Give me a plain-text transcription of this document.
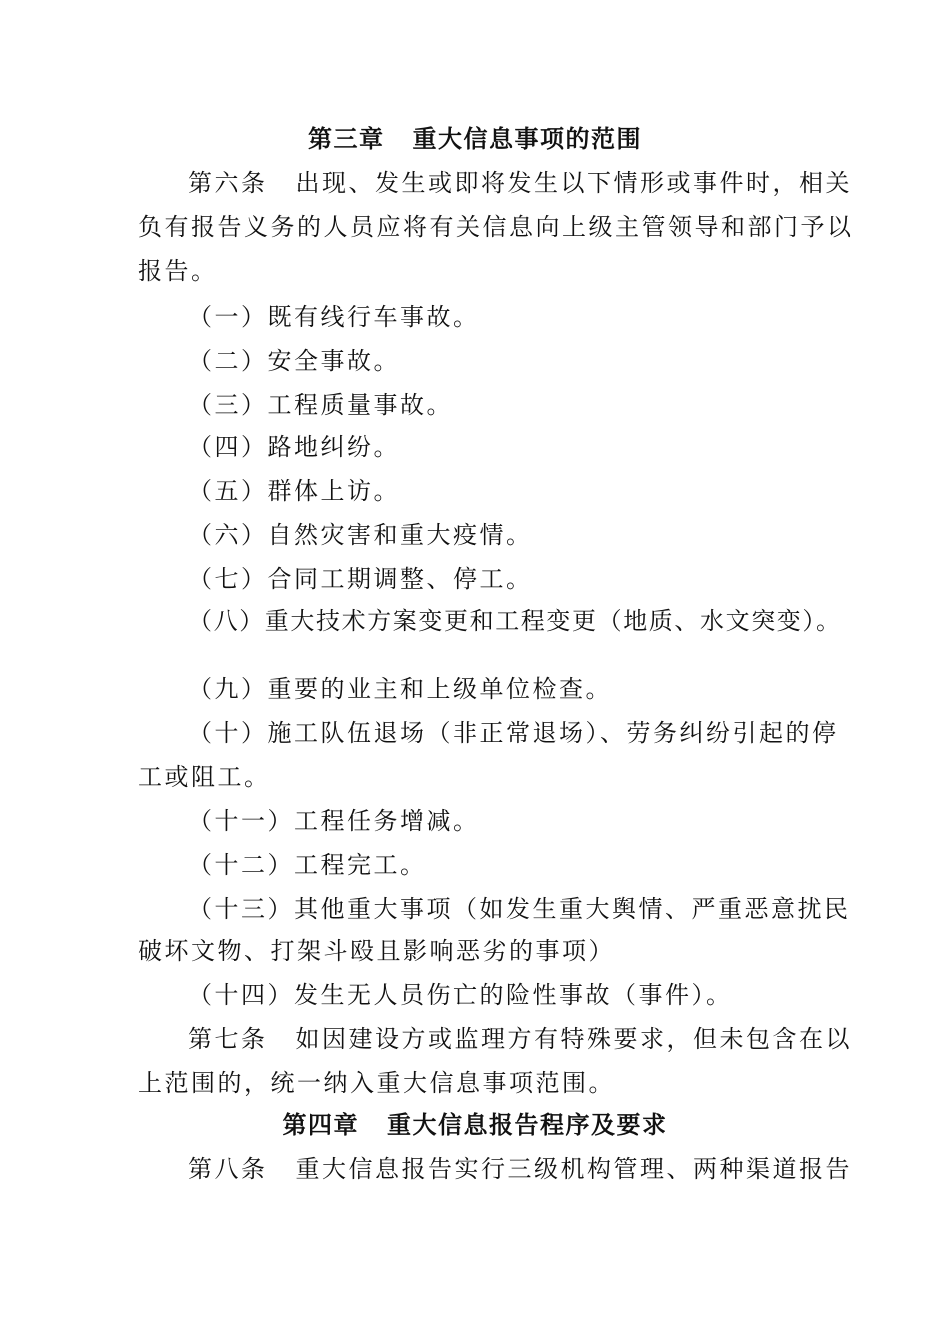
第三章 重大信息事项的范围
第六条 出现、发生或即将发生以下情形或事件时，相关
负有报告义务的人员应将有关信息向上级主管领导和部门予以
报告。
（一）既有线行车事故。
（二）安全事故。
（三）工程质量事故。
（四）路地纠纷。
（五）群体上访。
（六）自然灾害和重大疫情。
（七）合同工期调整、停工。
（八）重大技术方案变更和工程变更（地质、水文突变）。
（九）重要的业主和上级单位检查。
（十）施工队伍退场（非正常退场）、劳务纠纷引起的停
工或阻工。
（十一）工程任务增减。
（十二）工程完工。
（十三）其他重大事项（如发生重大舆情、严重恶意扰民
破坏文物、打架斗殴且影响恶劣的事项）
（十四）发生无人员伤亡的险性事故（事件）。
第七条 如因建设方或监理方有特殊要求，但未包含在以
上范围的，统一纳入重大信息事项范围。
第四章 重大信息报告程序及要求
第八条 重大信息报告实行三级机构管理、两种渠道报告
